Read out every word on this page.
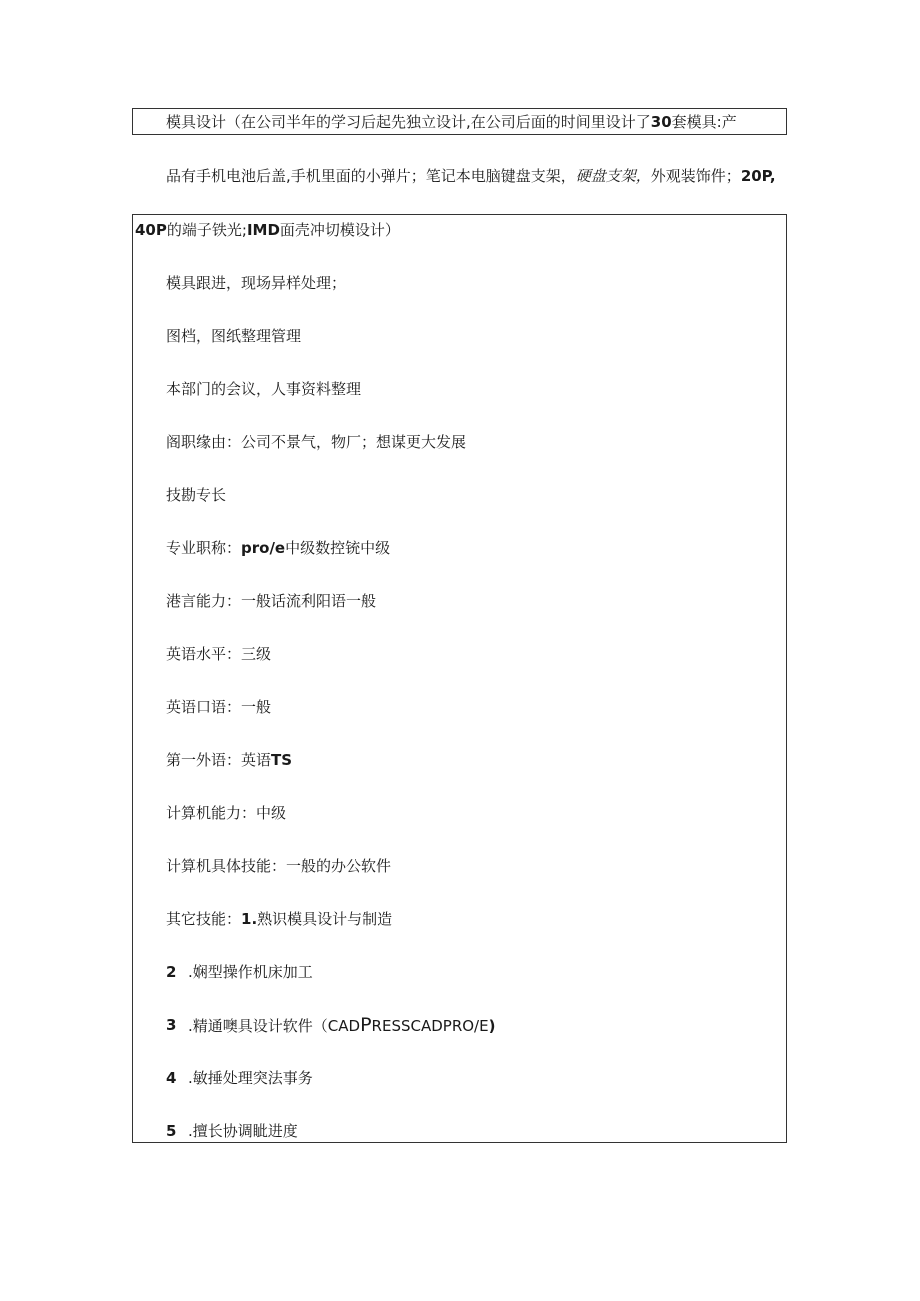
模具设计（在公司半年的学习后起先独立设计,在公司后面的时间里设计了30套模具:产
品有手机电池后盖,手机里面的小弹片；笔记本电脑键盘支架，硬盘支架，外观装饰件；20P,
40P的端子铁光;IMD面壳冲切模设计）
模具跟进，现场异样处理；
图档，图纸整理管理
本部门的会议，人事资料整理
阁职缘由：公司不景气，物厂；想谋更大发展
技勘专长
专业职称：pro/e中级数控铳中级
港言能力：一般话流利阳语一般
英语水平：三级
英语口语：一般
第一外语：英语TS
计算机能力：中级
计算机具体技能：一般的办公软件
其它技能：1.熟识模具设计与制造
2 .娴型操作机床加工
3 .精通噢具设计软件（CADPRESSCADPRO/E)
4 .敏捶处理突法事务
5 .擅长协调眦进度
